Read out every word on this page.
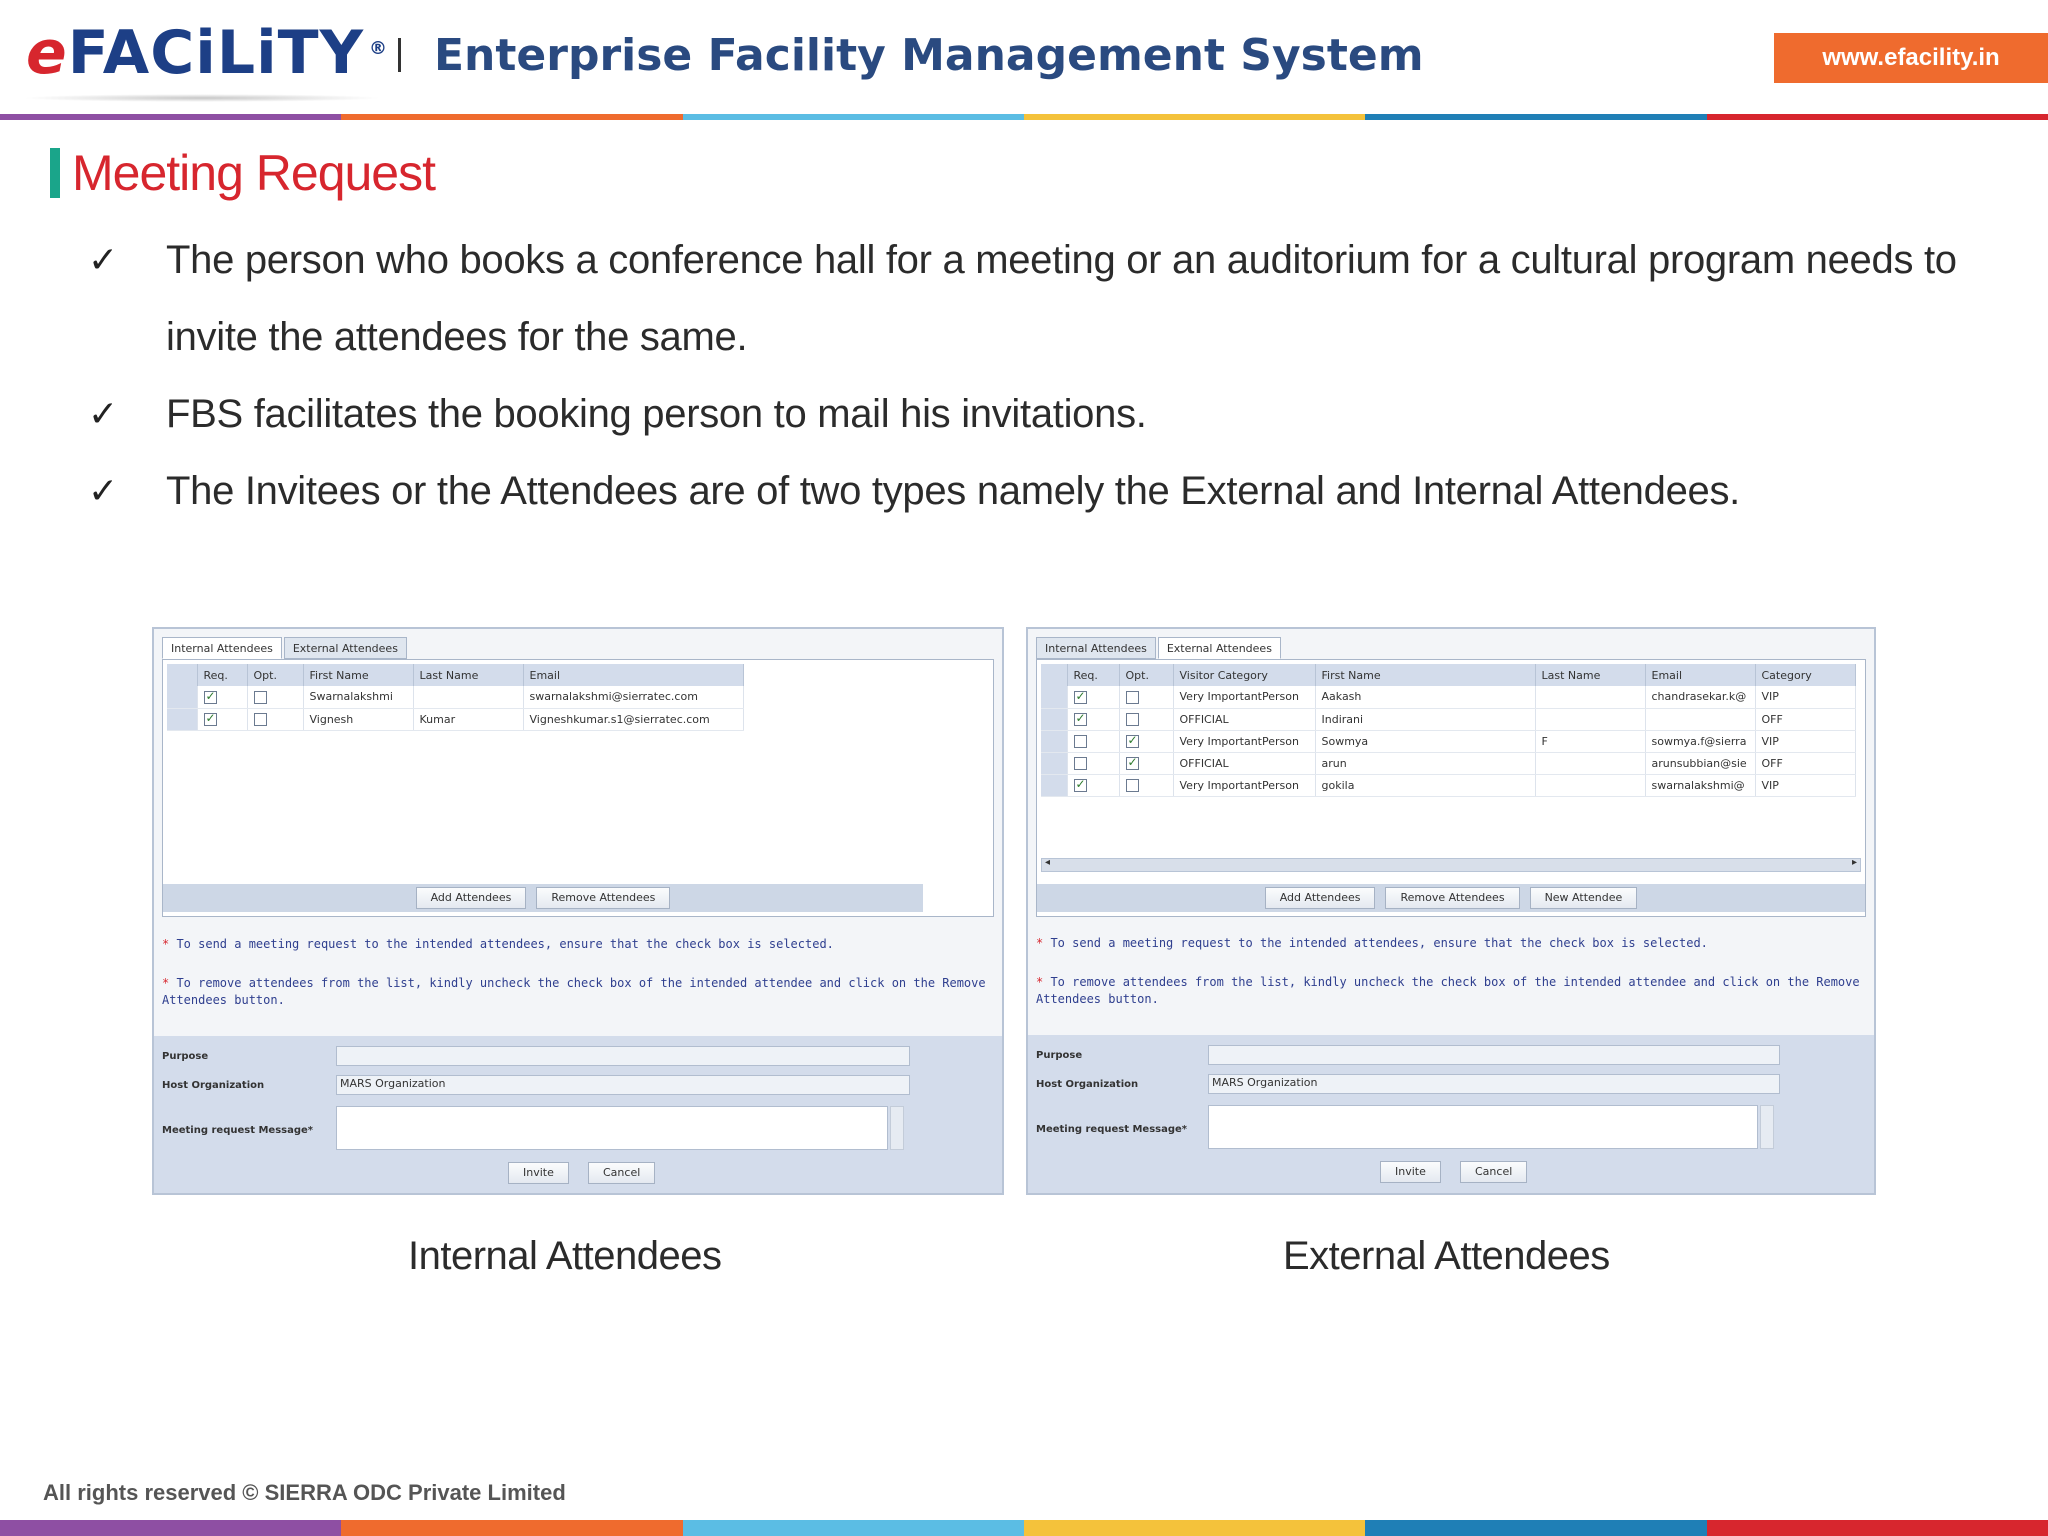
eFACiLiTY ® Enterprise Facility Management System	www.efacility.in
Meeting Request
✓ The person who books a conference hall for a meeting or an auditorium for a cultural program needs to invite the attendees for the same.
✓ FBS facilitates the booking person to mail his invitations.
✓ The Invitees or the Attendees are of two types namely the External and Internal Attendees.
Internal Attendees	External Attendees
	Req.	Opt.	First Name	Last Name	Email
	✓		Swarnalakshmi		swarnalakshmi@sierratec.com
	✓		Vignesh	Kumar	Vigneshkumar.s1@sierratec.com
Add Attendees	Remove Attendees

* To send a meeting request to the intended attendees, ensure that the check box is selected.

* To remove attendees from the list, kindly uncheck the check box of the intended attendee and click on the Remove Attendees button.

Purpose
Host Organization	MARS Organization
Meeting request Message*
Invite	Cancel
Internal Attendees	External Attendees
	Req.	Opt.	Visitor Category	First Name	Last Name	Email	Category
	✓		Very ImportantPerson	Aakash		chandrasekar.k@	VIP
	✓		OFFICIAL	Indirani			OFF
		✓	Very ImportantPerson	Sowmya	F	sowmya.f@sierra	VIP
		✓	OFFICIAL	arun		arunsubbian@sie	OFF
	✓		Very ImportantPerson	gokila		swarnalakshmi@	VIP
◂	▸
Add Attendees	Remove Attendees	New Attendee

* To send a meeting request to the intended attendees, ensure that the check box is selected.

* To remove attendees from the list, kindly uncheck the check box of the intended attendee and click on the Remove Attendees button.

Purpose
Host Organization	MARS Organization
Meeting request Message*
Invite	Cancel
Internal Attendees	External Attendees
All rights reserved © SIERRA ODC Private Limited
